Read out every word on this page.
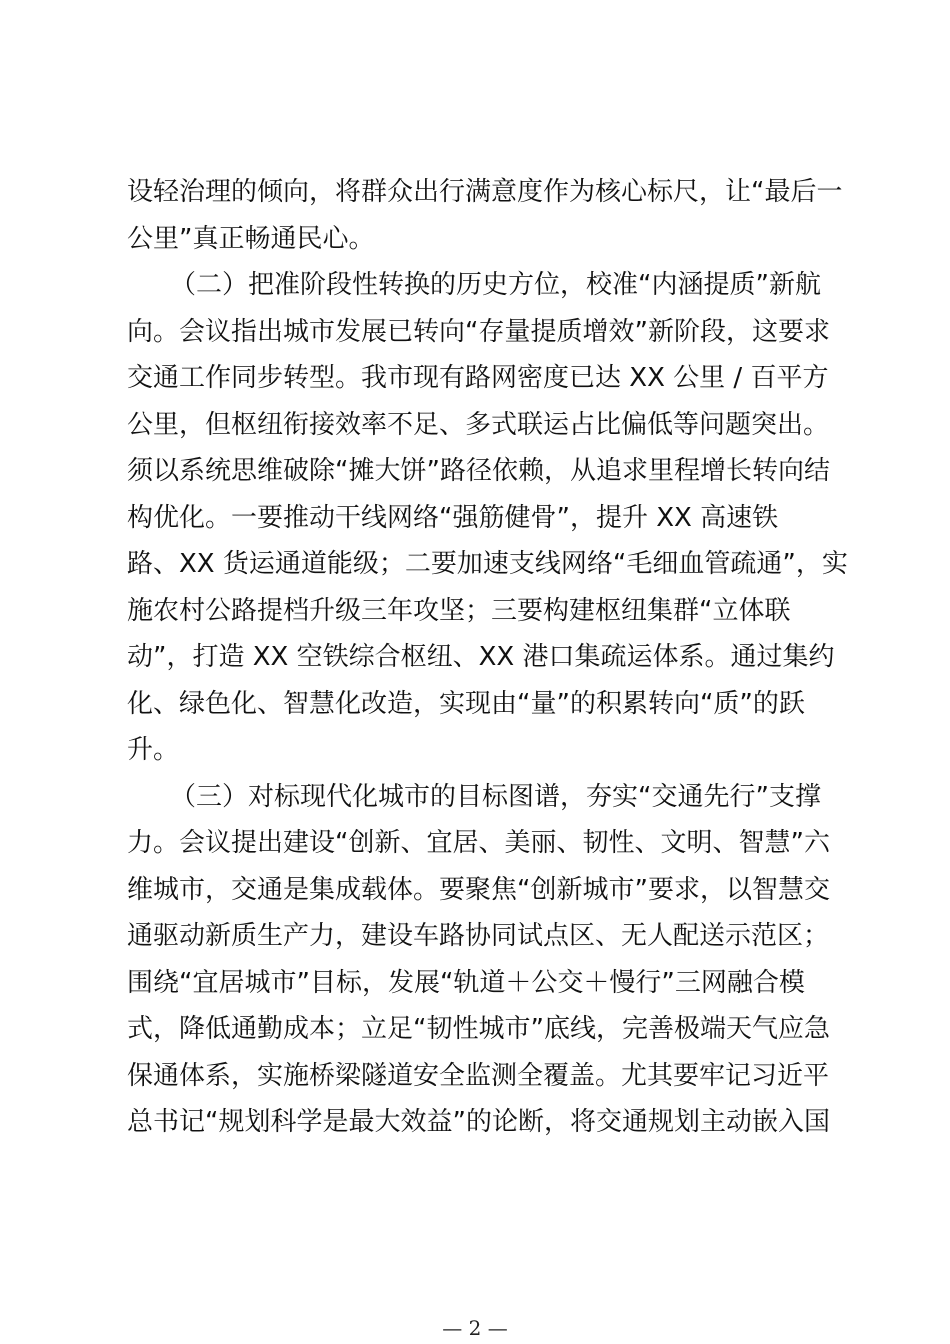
设轻治理的倾向，将群众出行满意度作为核心标尺，让“最后一
公里”真正畅通民心。
（二）把准阶段性转换的历史方位，校准“内涵提质”新航
向。会议指出城市发展已转向“存量提质增效”新阶段，这要求
交通工作同步转型。我市现有路网密度已达 XX 公里 / 百平方
公里，但枢纽衔接效率不足、多式联运占比偏低等问题突出。
须以系统思维破除“摊大饼”路径依赖，从追求里程增长转向结
构优化。一要推动干线网络“强筋健骨”，提升 XX 高速铁
路、XX 货运通道能级；二要加速支线网络“毛细血管疏通”，实
施农村公路提档升级三年攻坚；三要构建枢纽集群“立体联
动”，打造 XX 空铁综合枢纽、XX 港口集疏运体系。通过集约
化、绿色化、智慧化改造，实现由“量”的积累转向“质”的跃
升。
（三）对标现代化城市的目标图谱，夯实“交通先行”支撑
力。会议提出建设“创新、宜居、美丽、韧性、文明、智慧”六
维城市，交通是集成载体。要聚焦“创新城市”要求，以智慧交
通驱动新质生产力，建设车路协同试点区、无人配送示范区；
围绕“宜居城市”目标，发展“轨道＋公交＋慢行”三网融合模
式，降低通勤成本；立足“韧性城市”底线，完善极端天气应急
保通体系，实施桥梁隧道安全监测全覆盖。尤其要牢记习近平
总书记“规划科学是最大效益”的论断，将交通规划主动嵌入国
— 2 —
